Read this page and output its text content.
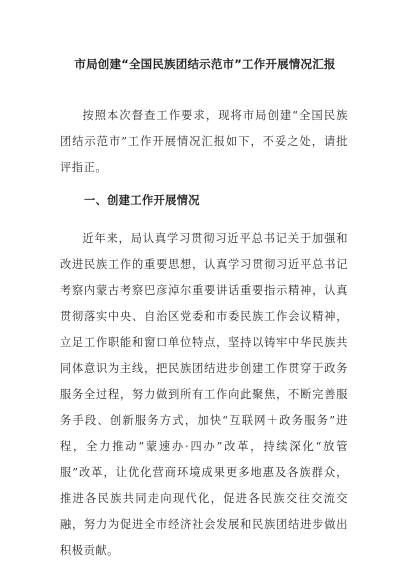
市局创建“全国民族团结示范市”工作开展情况汇报

按照本次督查工作要求，现将市局创建“全国民族团结示范市”工作开展情况汇报如下，不妥之处，请批评指正。

一、创建工作开展情况

近年来，局认真学习贯彻习近平总书记关于加强和改进民族工作的重要思想，认真学习贯彻习近平总书记考察内蒙古考察巴彦淖尔重要讲话重要指示精神，认真贯彻落实中央、自治区党委和市委民族工作会议精神，立足工作职能和窗口单位特点，坚持以铸牢中华民族共同体意识为主线，把民族团结进步创建工作贯穿于政务服务全过程，努力做到所有工作向此聚焦，不断完善服务手段、创新服务方式，加快“互联网＋政务服务”进程，全力推动“蒙速办·四办”改革，持续深化“放管服”改革，让优化营商环境成果更多地惠及各族群众，推进各民族共同走向现代化，促进各民族交往交流交融，努力为促进全市经济社会发展和民族团结进步做出积极贡献。
